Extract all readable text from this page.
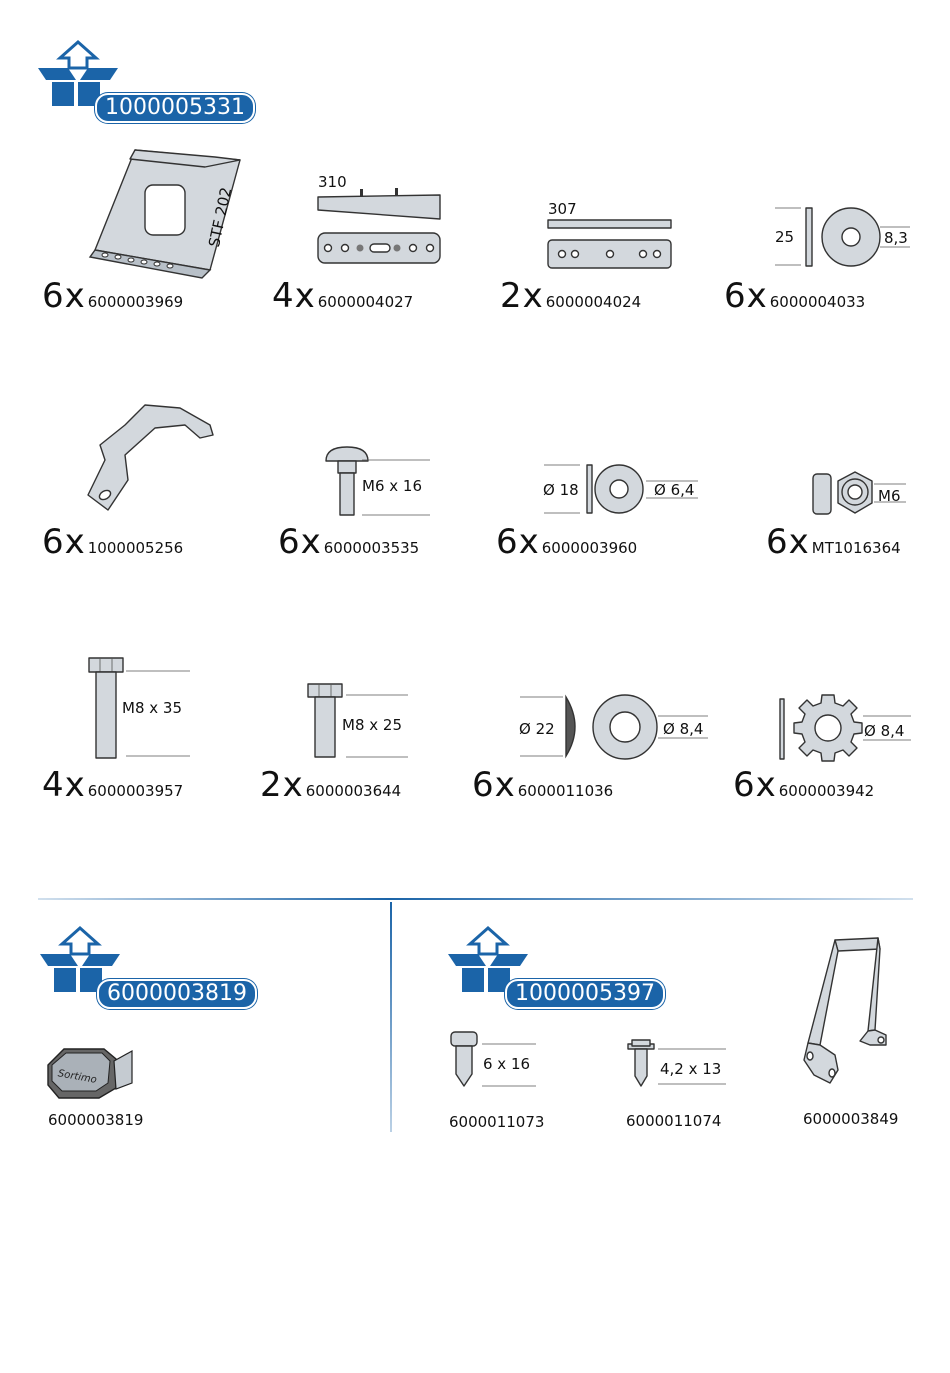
1000005331
STF 202
6x 6000003969
310
4x 6000004027
307
2x 6000004024
25	8,3
6x 6000004033
6x 1000005256
M6 x 16
6x 6000003535
Ø 18	Ø 6,4
6x 6000003960
M6
6x MT1016364
M8 x 35
4x 6000003957
M8 x 25
2x 6000003644
Ø 22	Ø 8,4
6x 6000011036
Ø 8,4
6x 6000003942
6000003819
Sortimo
6000003819
1000005397
6 x 16
6000011073
4,2 x 13
6000011074	6000003849
